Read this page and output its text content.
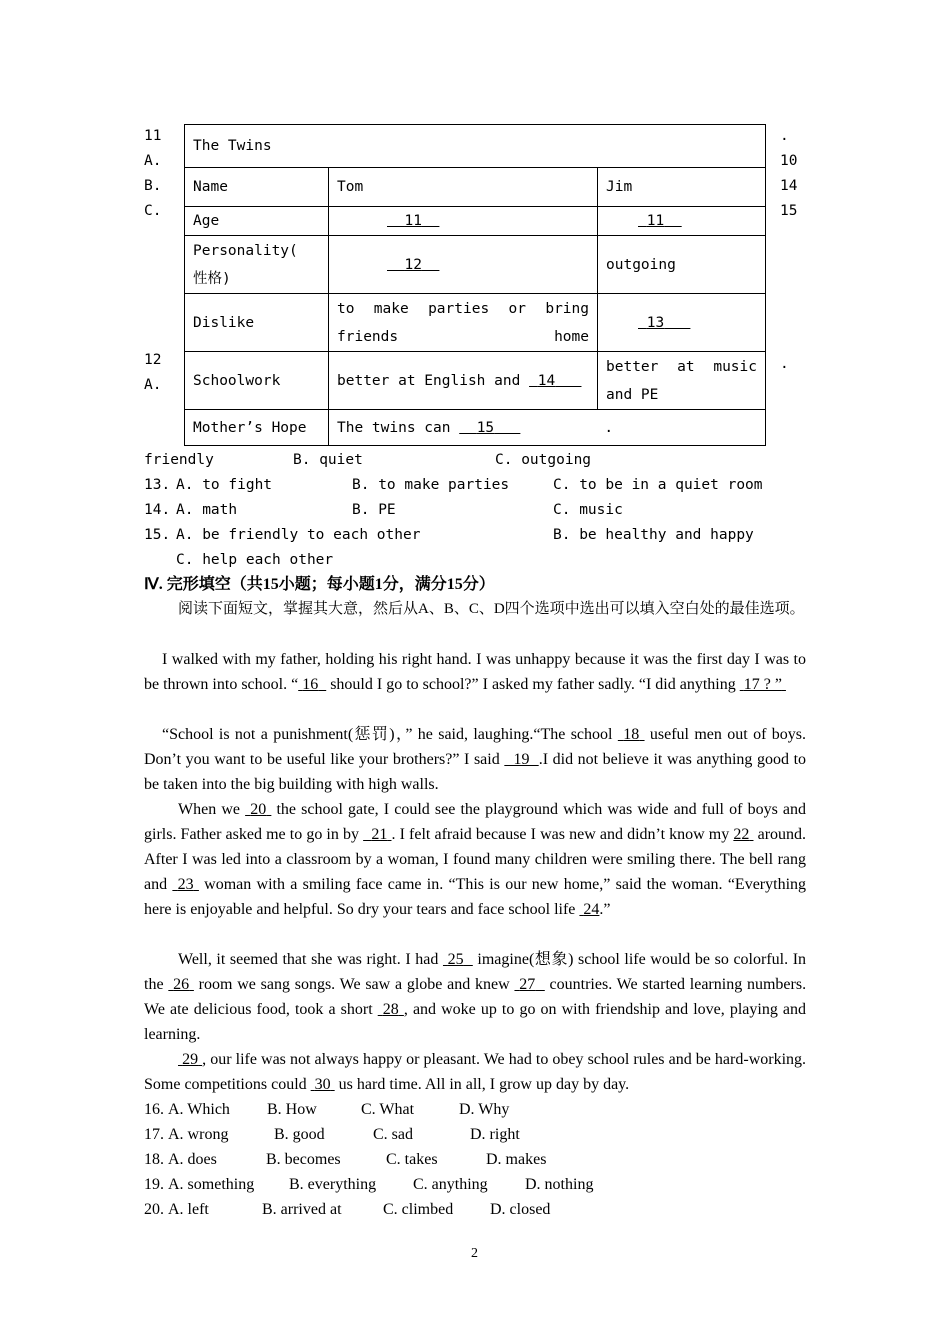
11
A.
B.
C.
12
A.
.
10
14
15
.
The Twins		
Name	Tom	Jim
Age	11	11
Personality( 性格)	12	outgoing
Dislike	to make parties or bring friends home	13
Schoolwork	better at English and 14	better at music and PE
Mother’s Hope	The twins can 15 .	
friendly	B. quiet	C. outgoing
13. A. to fight	B. to make parties	C. to be in a quiet room
14. A. math	B. PE	C. music
15. A. be friendly to each other	B. be healthy and happy
C. help each other
Ⅳ. 完形填空（共15小题；每小题1分，满分15分）
阅读下面短文，掌握其大意，然后从A、B、C、D四个选项中选出可以填入空白处的最佳选项。
I walked with my father, holding his right hand. I was unhappy because it was the first day I was to be thrown into school. “ 16   should I go to school?” I asked my father sadly. “I did anything  17 ? ”
“School is not a punishment(惩罚)，” he said, laughing.“The school  18  useful men out of boys. Don’t you want to be useful like your brothers?” I said   19 .I did not believe it was anything good to be taken into the big building with high walls.
When we  20  the school gate, I could see the playground which was wide and full of boys and girls. Father asked me to go in by   21 . I felt afraid because I was new and didn’t know my 22  around. After I was led into a classroom by a woman, I found many children were smiling there. The bell rang and  23  woman with a smiling face came in. “This is our new home,” said the woman. “Everything here is enjoyable and helpful. So dry your tears and face school life  24.”
Well, it seemed that she was right. I had  25   imagine(想象) school life would be so colorful. In the  26  room we sang songs. We saw a globe and knew  27   countries. We started learning numbers. We ate delicious food, took a short  28 , and woke up to go on with friendship and love, playing and learning.
29 , our life was not always happy or pleasant. We had to obey school rules and be hard-working. Some competitions could  30  us hard time. All in all, I grow up day by day.
16. A. Which B. How	C. What	D. Why
17. A. wrong	B. good	C. sad	D. right
18. A. does	B. becomes	C. takes	D. makes
19. A. something B. everything C. anything D. nothing
20. A. left	B. arrived at	C. climbed D. closed
2
